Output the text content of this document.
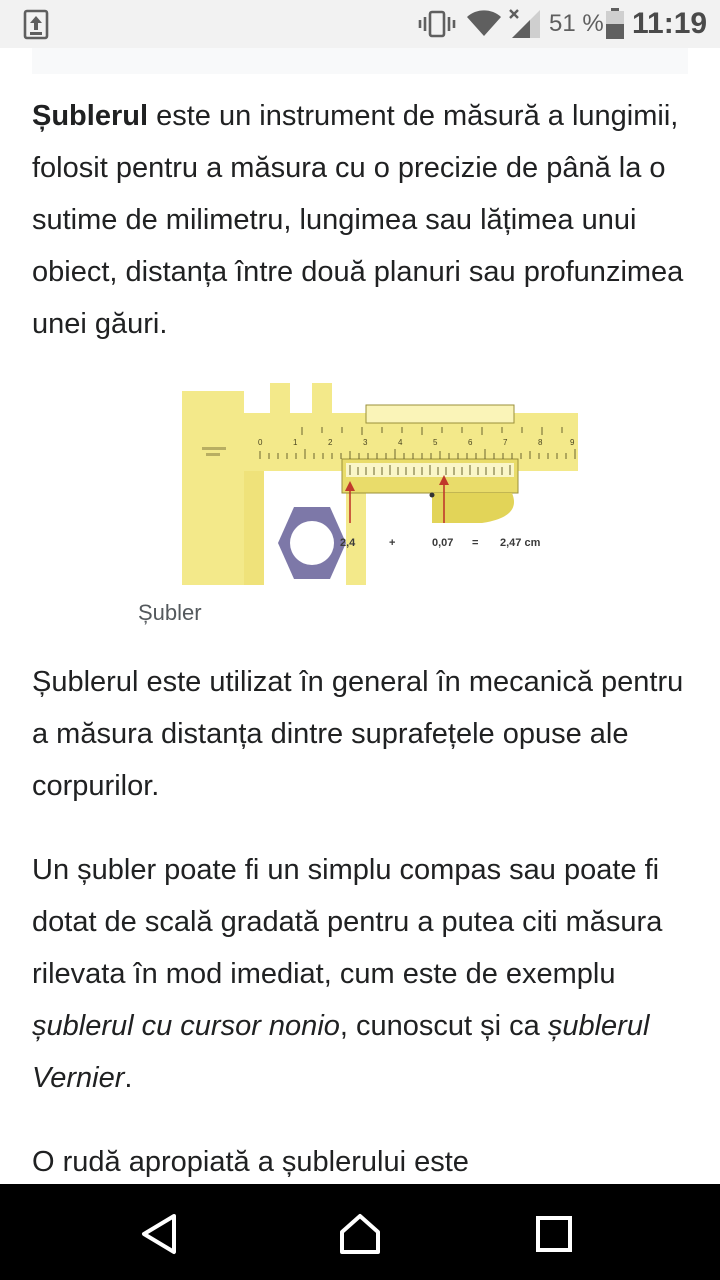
51 % 11:19

Șublerul este un instrument de măsură a lungimii, folosit pentru a măsura cu o precizie de până la o sutime de milimetru, lungimea sau lățimea unui obiect, distanța între două planuri sau profunzimea unei găuri.

0	1	2	3	4	5	6	7	8	9
2,4	+	0,07 = 2,47 cm
Șubler

Șublerul este utilizat în general în mecanică pentru a măsura distanța dintre suprafețele opuse ale corpurilor.

Un șubler poate fi un simplu compas sau poate fi dotat de scală gradată pentru a putea citi măsura rilevata în mod imediat, cum este de exemplu șublerul cu cursor nonio, cunoscut și ca șublerul Vernier.

O rudă apropiată a șublerului este
